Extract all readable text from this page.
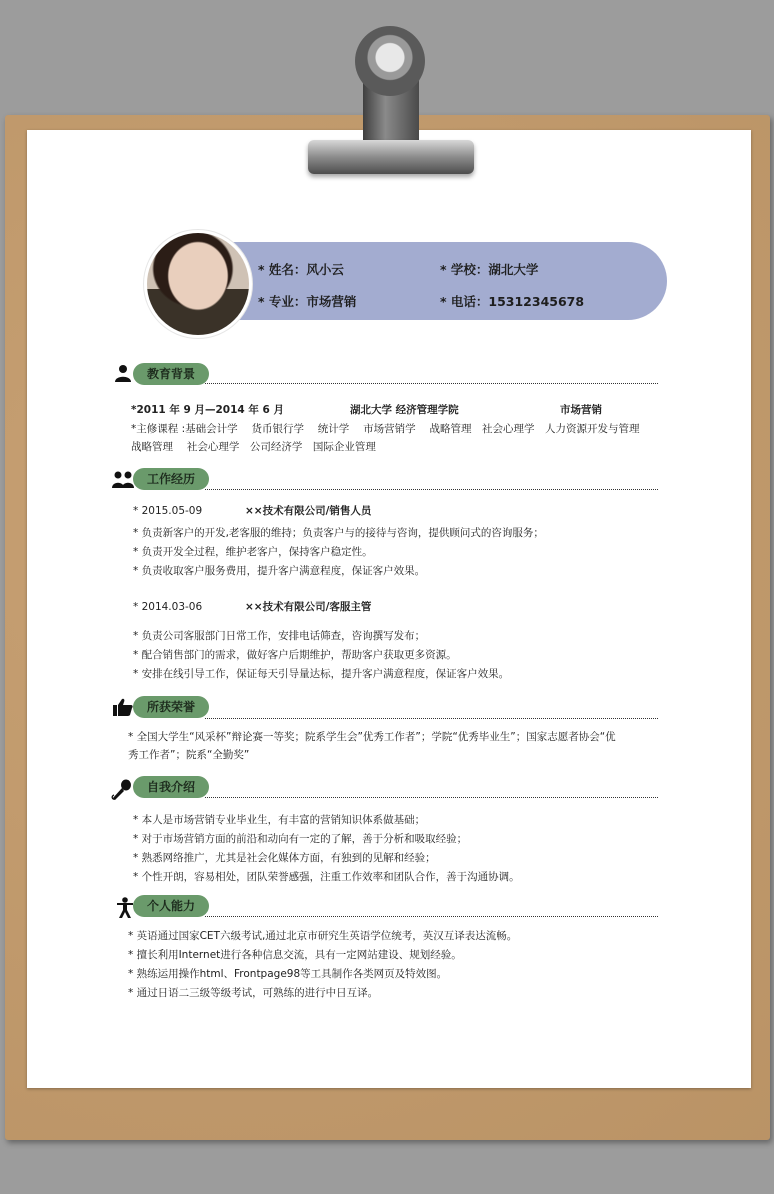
* 姓名：风小云	* 学校：湖北大学
* 专业：市场营销	* 电话：15312345678
教育背景
*2011 年 9 月—2014 年 6 月	湖北大学 经济管理学院	市场营销
*主修课程 :基础会计学　 货币银行学　 统计学　 市场营销学　 战略管理　社会心理学　人力资源开发与管理
战略管理　 社会心理学　公司经济学　国际企业管理
工作经历
* 2015.05-09	××技术有限公司/销售人员
* 负责新客户的开发,老客服的维持；负责客户与的接待与咨询，提供顾问式的咨询服务；
* 负责开发全过程，维护老客户，保持客户稳定性。
* 负责收取客户服务费用，提升客户满意程度，保证客户效果。
* 2014.03-06	××技术有限公司/客服主管
* 负责公司客服部门日常工作，安排电话筛查，咨询撰写发布；
* 配合销售部门的需求，做好客户后期维护，帮助客户获取更多资源。
* 安排在线引导工作，保证每天引导量达标，提升客户满意程度，保证客户效果。
所获荣誉
* 全国大学生“风采杯”辩论赛一等奖；院系学生会”优秀工作者”；学院“优秀毕业生”；国家志愿者协会“优
秀工作者”；院系“全勤奖”
自我介绍
* 本人是市场营销专业毕业生，有丰富的营销知识体系做基础；
* 对于市场营销方面的前沿和动向有一定的了解，善于分析和吸取经验；
* 熟悉网络推广，尤其是社会化媒体方面，有独到的见解和经验；
* 个性开朗，容易相处，团队荣誉感强，注重工作效率和团队合作，善于沟通协调。
个人能力
* 英语通过国家CET六级考试,通过北京市研究生英语学位统考，英汉互译表达流畅。
* 擅长利用Internet进行各种信息交流，具有一定网站建设、规划经验。
* 熟练运用操作html、Frontpage98等工具制作各类网页及特效图。
* 通过日语二三级等级考试，可熟练的进行中日互译。
